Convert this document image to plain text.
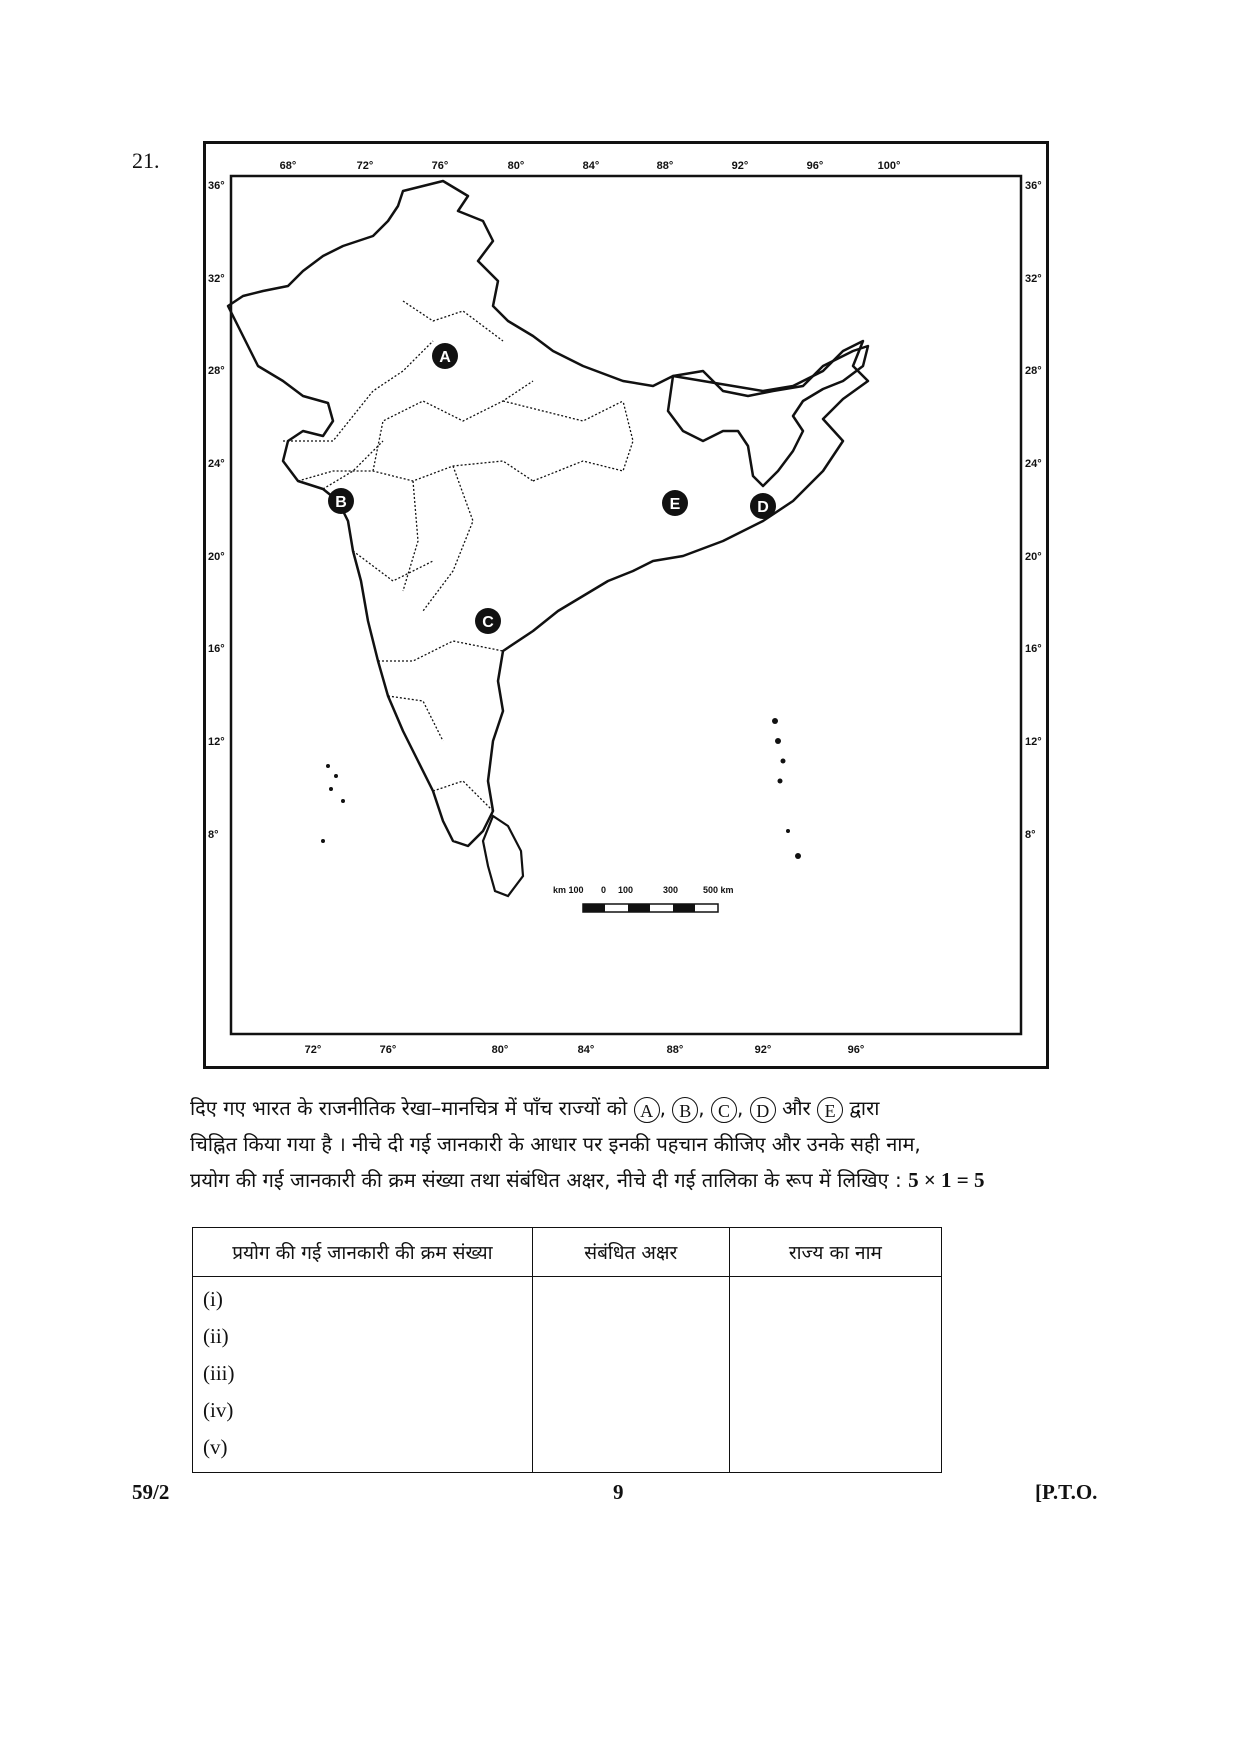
21.	68°	72°	76°	80°	84°	88°	92°	96°	100°
72°	76°	80°	84°	88°	92°	96°
36°
32°
28°
24°
20°
16°
12°
8°
36°
32°
28°
24°
20°
16°
12°
8°
km 100 0 100	300	500 km
A
B
C
D
E

दिए गए भारत के राजनीतिक रेखा–मानचित्र में पाँच राज्यों को A , B , C , D और E द्वारा

चिह्नित किया गया है । नीचे दी गई जानकारी के आधार पर इनकी पहचान कीजिए और उनके सही नाम,

प्रयोग की गई जानकारी की क्रम संख्या तथा संबंधित अक्षर, नीचे दी गई तालिका के रूप में लिखिए : 5 × 1 = 5

प्रयोग की गई जानकारी की क्रम संख्या	संबंधित अक्षर	राज्य का नाम

(i)
(ii)
(iii)
(iv)
(v)		

59/2	9	[P.T.O.
